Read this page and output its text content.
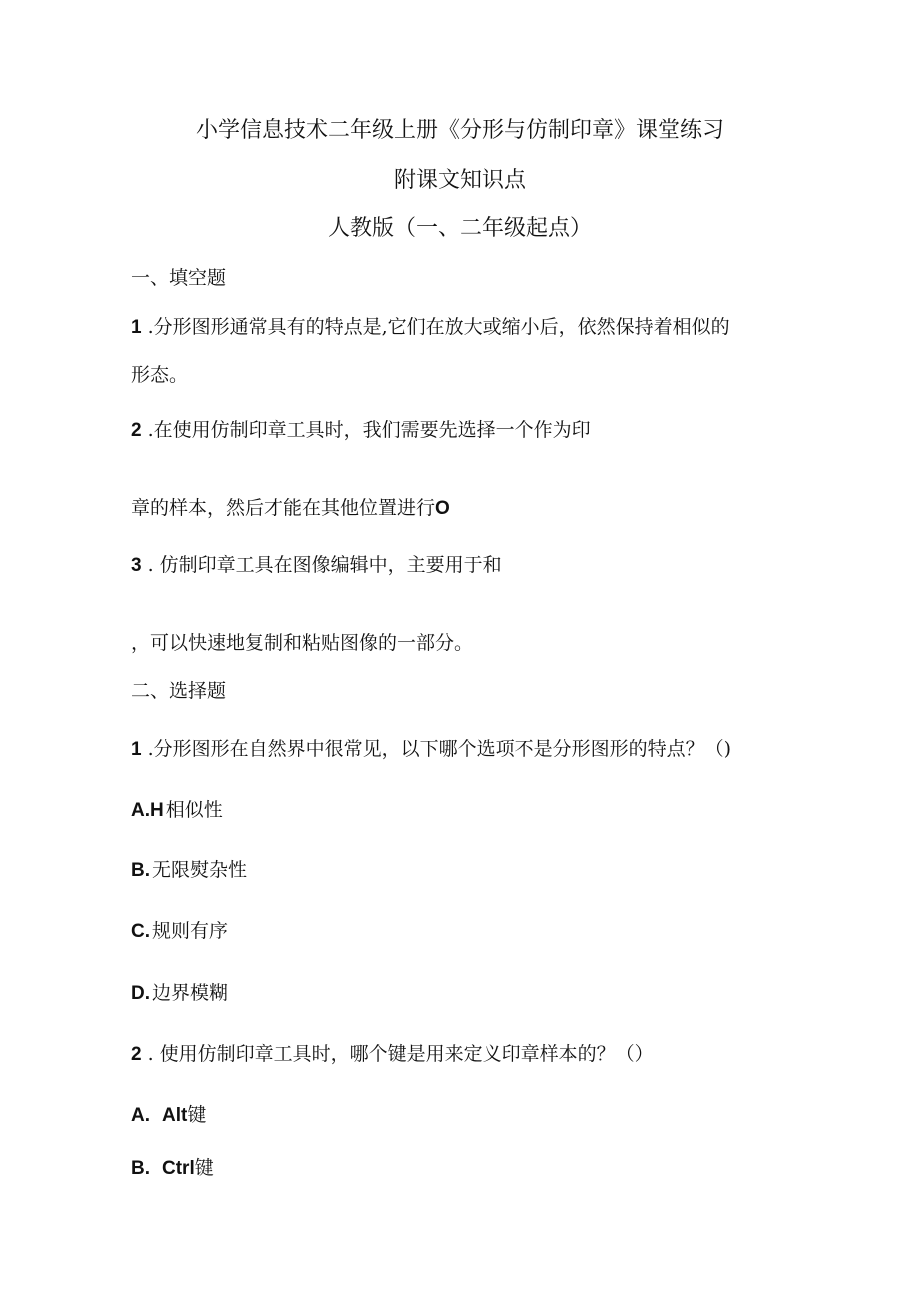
小学信息技术二年级上册《分形与仿制印章》课堂练习
附课文知识点
人教版（一、二年级起点）
一、填空题
1 .分形图形通常具有的特点是,它们在放大或缩小后，依然保持着相似的
形态。
2 .在使用仿制印章工具时，我们需要先选择一个作为印
章的样本，然后才能在其他位置进行O
3 . 仿制印章工具在图像编辑中，主要用于和
，可以快速地复制和粘贴图像的一部分。
二、选择题
1 .分形图形在自然界中很常见，以下哪个选项不是分形图形的特点？（)
A.H 相似性
B. 无限熨杂性
C. 规则有序
D. 边界模糊
2 . 使用仿制印章工具时，哪个键是用来定义印章样本的？（）
A. Alt键
B. Ctrl键
